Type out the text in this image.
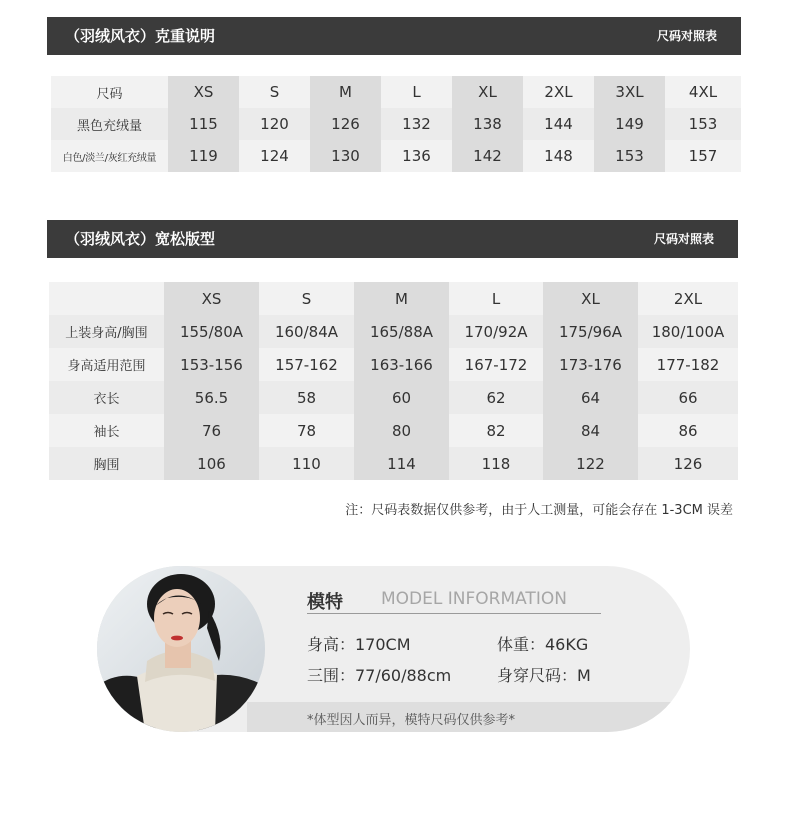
（羽绒风衣）克重说明	尺码对照表
尺码	XS	S	M	L	XL	2XL	3XL	4XL
黑色充绒量	115	120	126	132	138	144	149	153
白色/淡兰/灰红充绒量	119	124	130	136	142	148	153	157
（羽绒风衣）宽松版型	尺码对照表
	XS	S	M	L	XL	2XL
上装身高/胸围	155/80A	160/84A	165/88A	170/92A	175/96A	180/100A
身高适用范围	153-156	157-162	163-166	167-172	173-176	177-182
衣长	56.5	58	60	62	64	66
袖长	76	78	80	82	84	86
胸围	106	110	114	118	122	126
注：尺码表数据仅供参考，由于人工测量，可能会存在 1-3CM 误差
模特 MODEL INFORMATION
身高：170CM	体重：46KG
三围：77/60/88cm	身穿尺码：M
*体型因人而异，模特尺码仅供参考*
